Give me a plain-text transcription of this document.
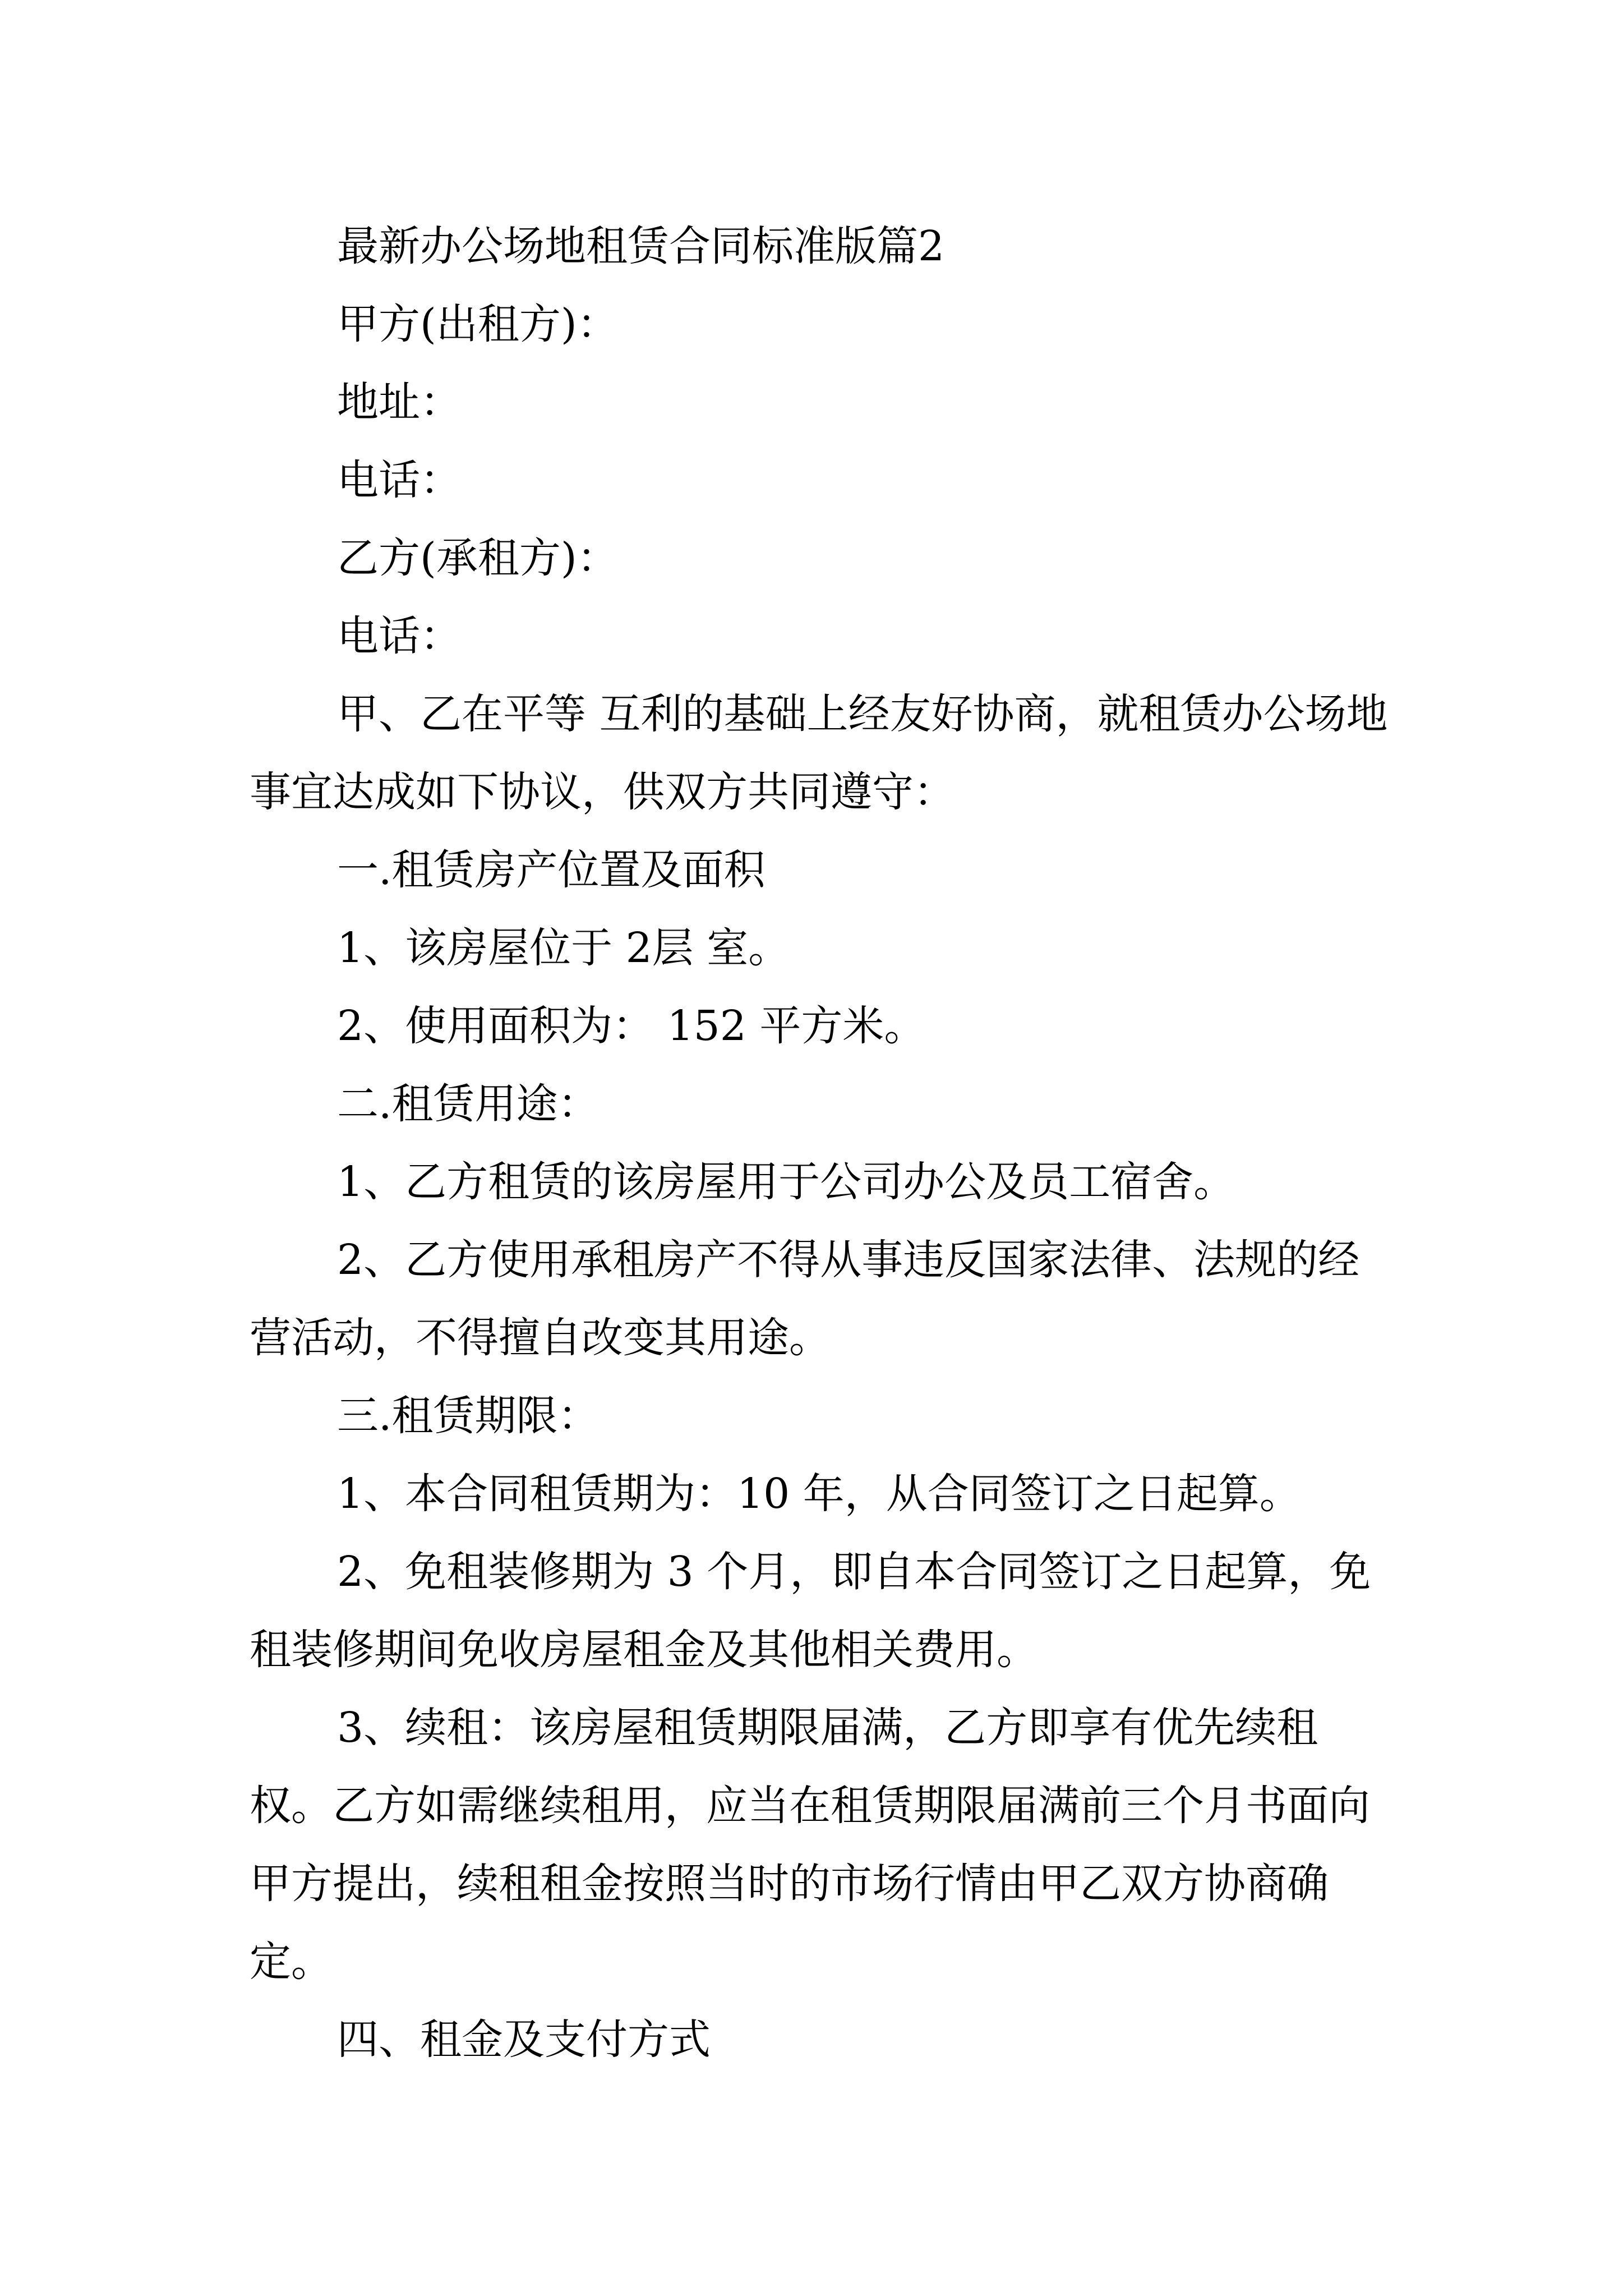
最新办公场地租赁合同标准版篇2

甲方(出租方)：

地址：

电话：

乙方(承租方)：

电话：

甲、乙在平等 互利的基础上经友好协商，就租赁办公场地事宜达成如下协议，供双方共同遵守：

一.租赁房产位置及面积

1、该房屋位于 2层 室。

2、使用面积为： 152 平方米。

二.租赁用途：

1、乙方租赁的该房屋用于公司办公及员工宿舍。

2、乙方使用承租房产不得从事违反国家法律、法规的经营活动，不得擅自改变其用途。

三.租赁期限：

1、本合同租赁期为：10 年，从合同签订之日起算。

2、免租装修期为 3 个月，即自本合同签订之日起算，免租装修期间免收房屋租金及其他相关费用。

3、续租：该房屋租赁期限届满，乙方即享有优先续租权。乙方如需继续租用，应当在租赁期限届满前三个月书面向甲方提出，续租租金按照当时的市场行情由甲乙双方协商确定。

四、租金及支付方式
